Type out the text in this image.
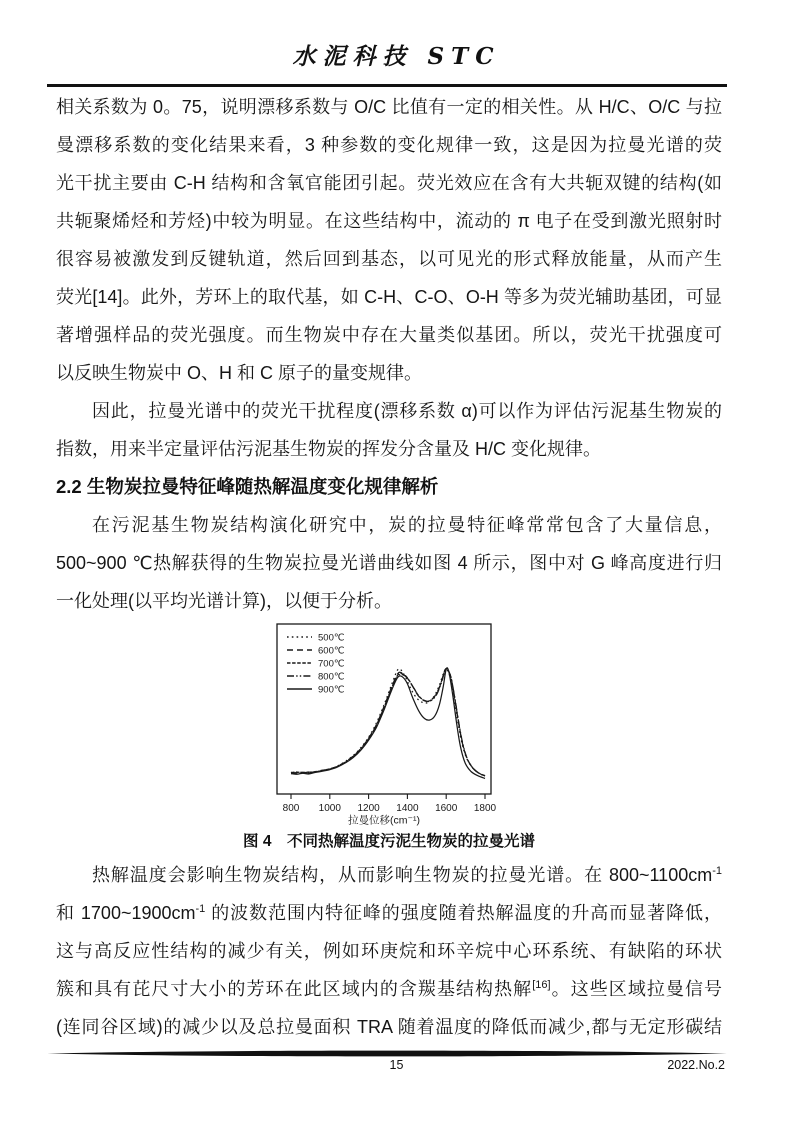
水泥科技 STC
相关系数为 0。75，说明漂移系数与 O/C 比值有一定的相关性。从 H/C、O/C 与拉
曼漂移系数的变化结果来看，3 种参数的变化规律一致，这是因为拉曼光谱的荧
光干扰主要由 C-H 结构和含氧官能团引起。荧光效应在含有大共轭双键的结构(如
共轭聚烯烃和芳烃)中较为明显。在这些结构中，流动的 π 电子在受到激光照射时
很容易被激发到反键轨道，然后回到基态，以可见光的形式释放能量，从而产生
荧光[14]。此外，芳环上的取代基，如 C-H、C-O、O-H 等多为荧光辅助基团，可显
著增强样品的荧光强度。而生物炭中存在大量类似基团。所以，荧光干扰强度可
以反映生物炭中 O、H 和 C 原子的量变规律。
因此，拉曼光谱中的荧光干扰程度(漂移系数 α)可以作为评估污泥基生物炭的
指数，用来半定量评估污泥基生物炭的挥发分含量及 H/C 变化规律。
2.2 生物炭拉曼特征峰随热解温度变化规律解析
在污泥基生物炭结构演化研究中，炭的拉曼特征峰常常包含了大量信息，
500~900 ℃热解获得的生物炭拉曼光谱曲线如图 4 所示，图中对 G 峰高度进行归
一化处理(以平均光谱计算)，以便于分析。
800 1000 1200 1400 1600 1800
拉曼位移(cm⁻¹)
500℃
600℃
700℃
800℃
900℃
图 4　不同热解温度污泥生物炭的拉曼光谱
热解温度会影响生物炭结构，从而影响生物炭的拉曼光谱。在 $800\sim 1100cm^{-1}$
和 $1700\sim 1900cm^{-1}$ 的波数范围内特征峰的强度随着热解温度的升高而显著降低，
这与高反应性结构的减少有关，例如环庚烷和环辛烷中心环系统、有缺陷的环状
簇和具有芘尺寸大小的芳环在此区域内的含羰基结构热解[16]。这些区域拉曼信号
(连同谷区域)的减少以及总拉曼面积 TRA 随着温度的降低而减少,都与无定形碳结
15	2022.No.2
